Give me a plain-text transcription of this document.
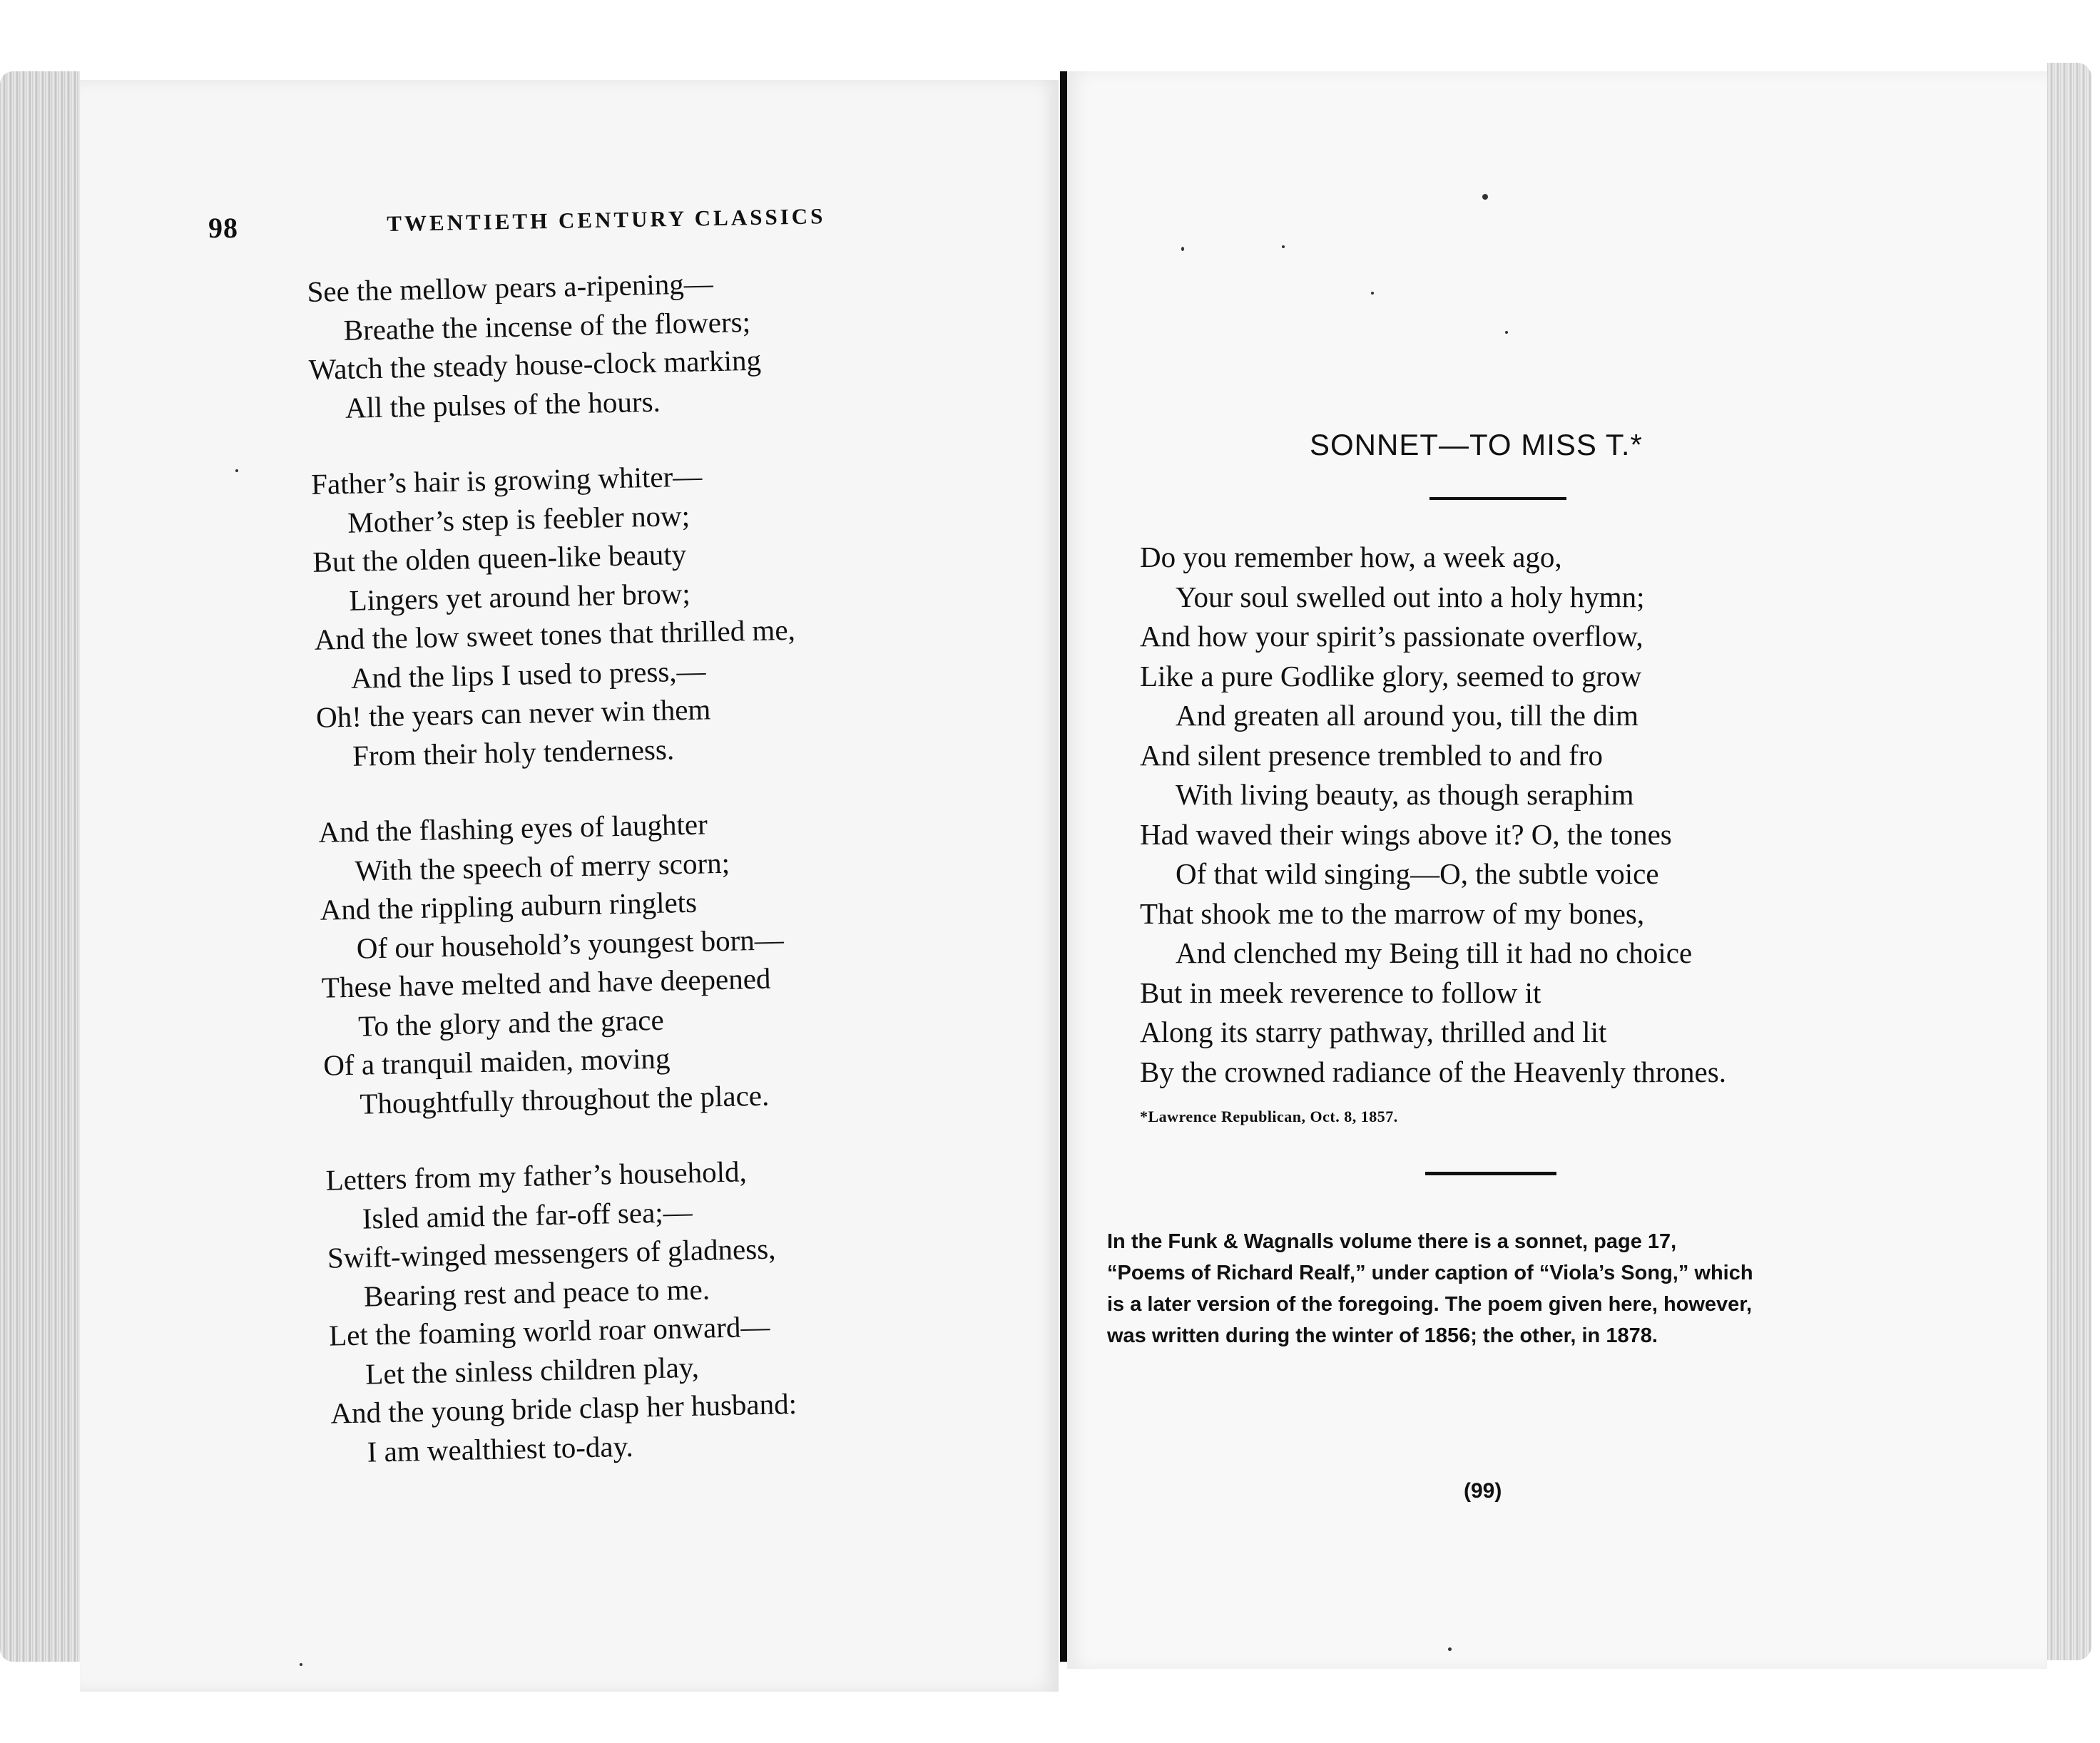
98	TWENTIETH CENTURY CLASSICS
See the mellow pears a-ripening—
Breathe the incense of the flowers;
Watch the steady house-clock marking
All the pulses of the hours.
Father’s hair is growing whiter—
Mother’s step is feebler now;
But the olden queen-like beauty
Lingers yet around her brow;
And the low sweet tones that thrilled me,
And the lips I used to press,—
Oh! the years can never win them
From their holy tenderness.
And the flashing eyes of laughter
With the speech of merry scorn;
And the rippling auburn ringlets
Of our household’s youngest born—
These have melted and have deepened
To the glory and the grace
Of a tranquil maiden, moving
Thoughtfully throughout the place.
Letters from my father’s household,
Isled amid the far-off sea;—
Swift-winged messengers of gladness,
Bearing rest and peace to me.
Let the foaming world roar onward—
Let the sinless children play,
And the young bride clasp her husband:
I am wealthiest to-day.
SONNET—TO MISS T.*
Do you remember how, a week ago,
Your soul swelled out into a holy hymn;
And how your spirit’s passionate overflow,
Like a pure Godlike glory, seemed to grow
And greaten all around you, till the dim
And silent presence trembled to and fro
With living beauty, as though seraphim
Had waved their wings above it? O, the tones
Of that wild singing—O, the subtle voice
That shook me to the marrow of my bones,
And clenched my Being till it had no choice
But in meek reverence to follow it
Along its starry pathway, thrilled and lit
By the crowned radiance of the Heavenly thrones.
*Lawrence Republican, Oct. 8, 1857.
In the Funk & Wagnalls volume there is a sonnet, page 17,
“Poems of Richard Realf,” under caption of “Viola’s Song,” which
is a later version of the foregoing. The poem given here, however,
was written during the winter of 1856; the other, in 1878.
(99)
